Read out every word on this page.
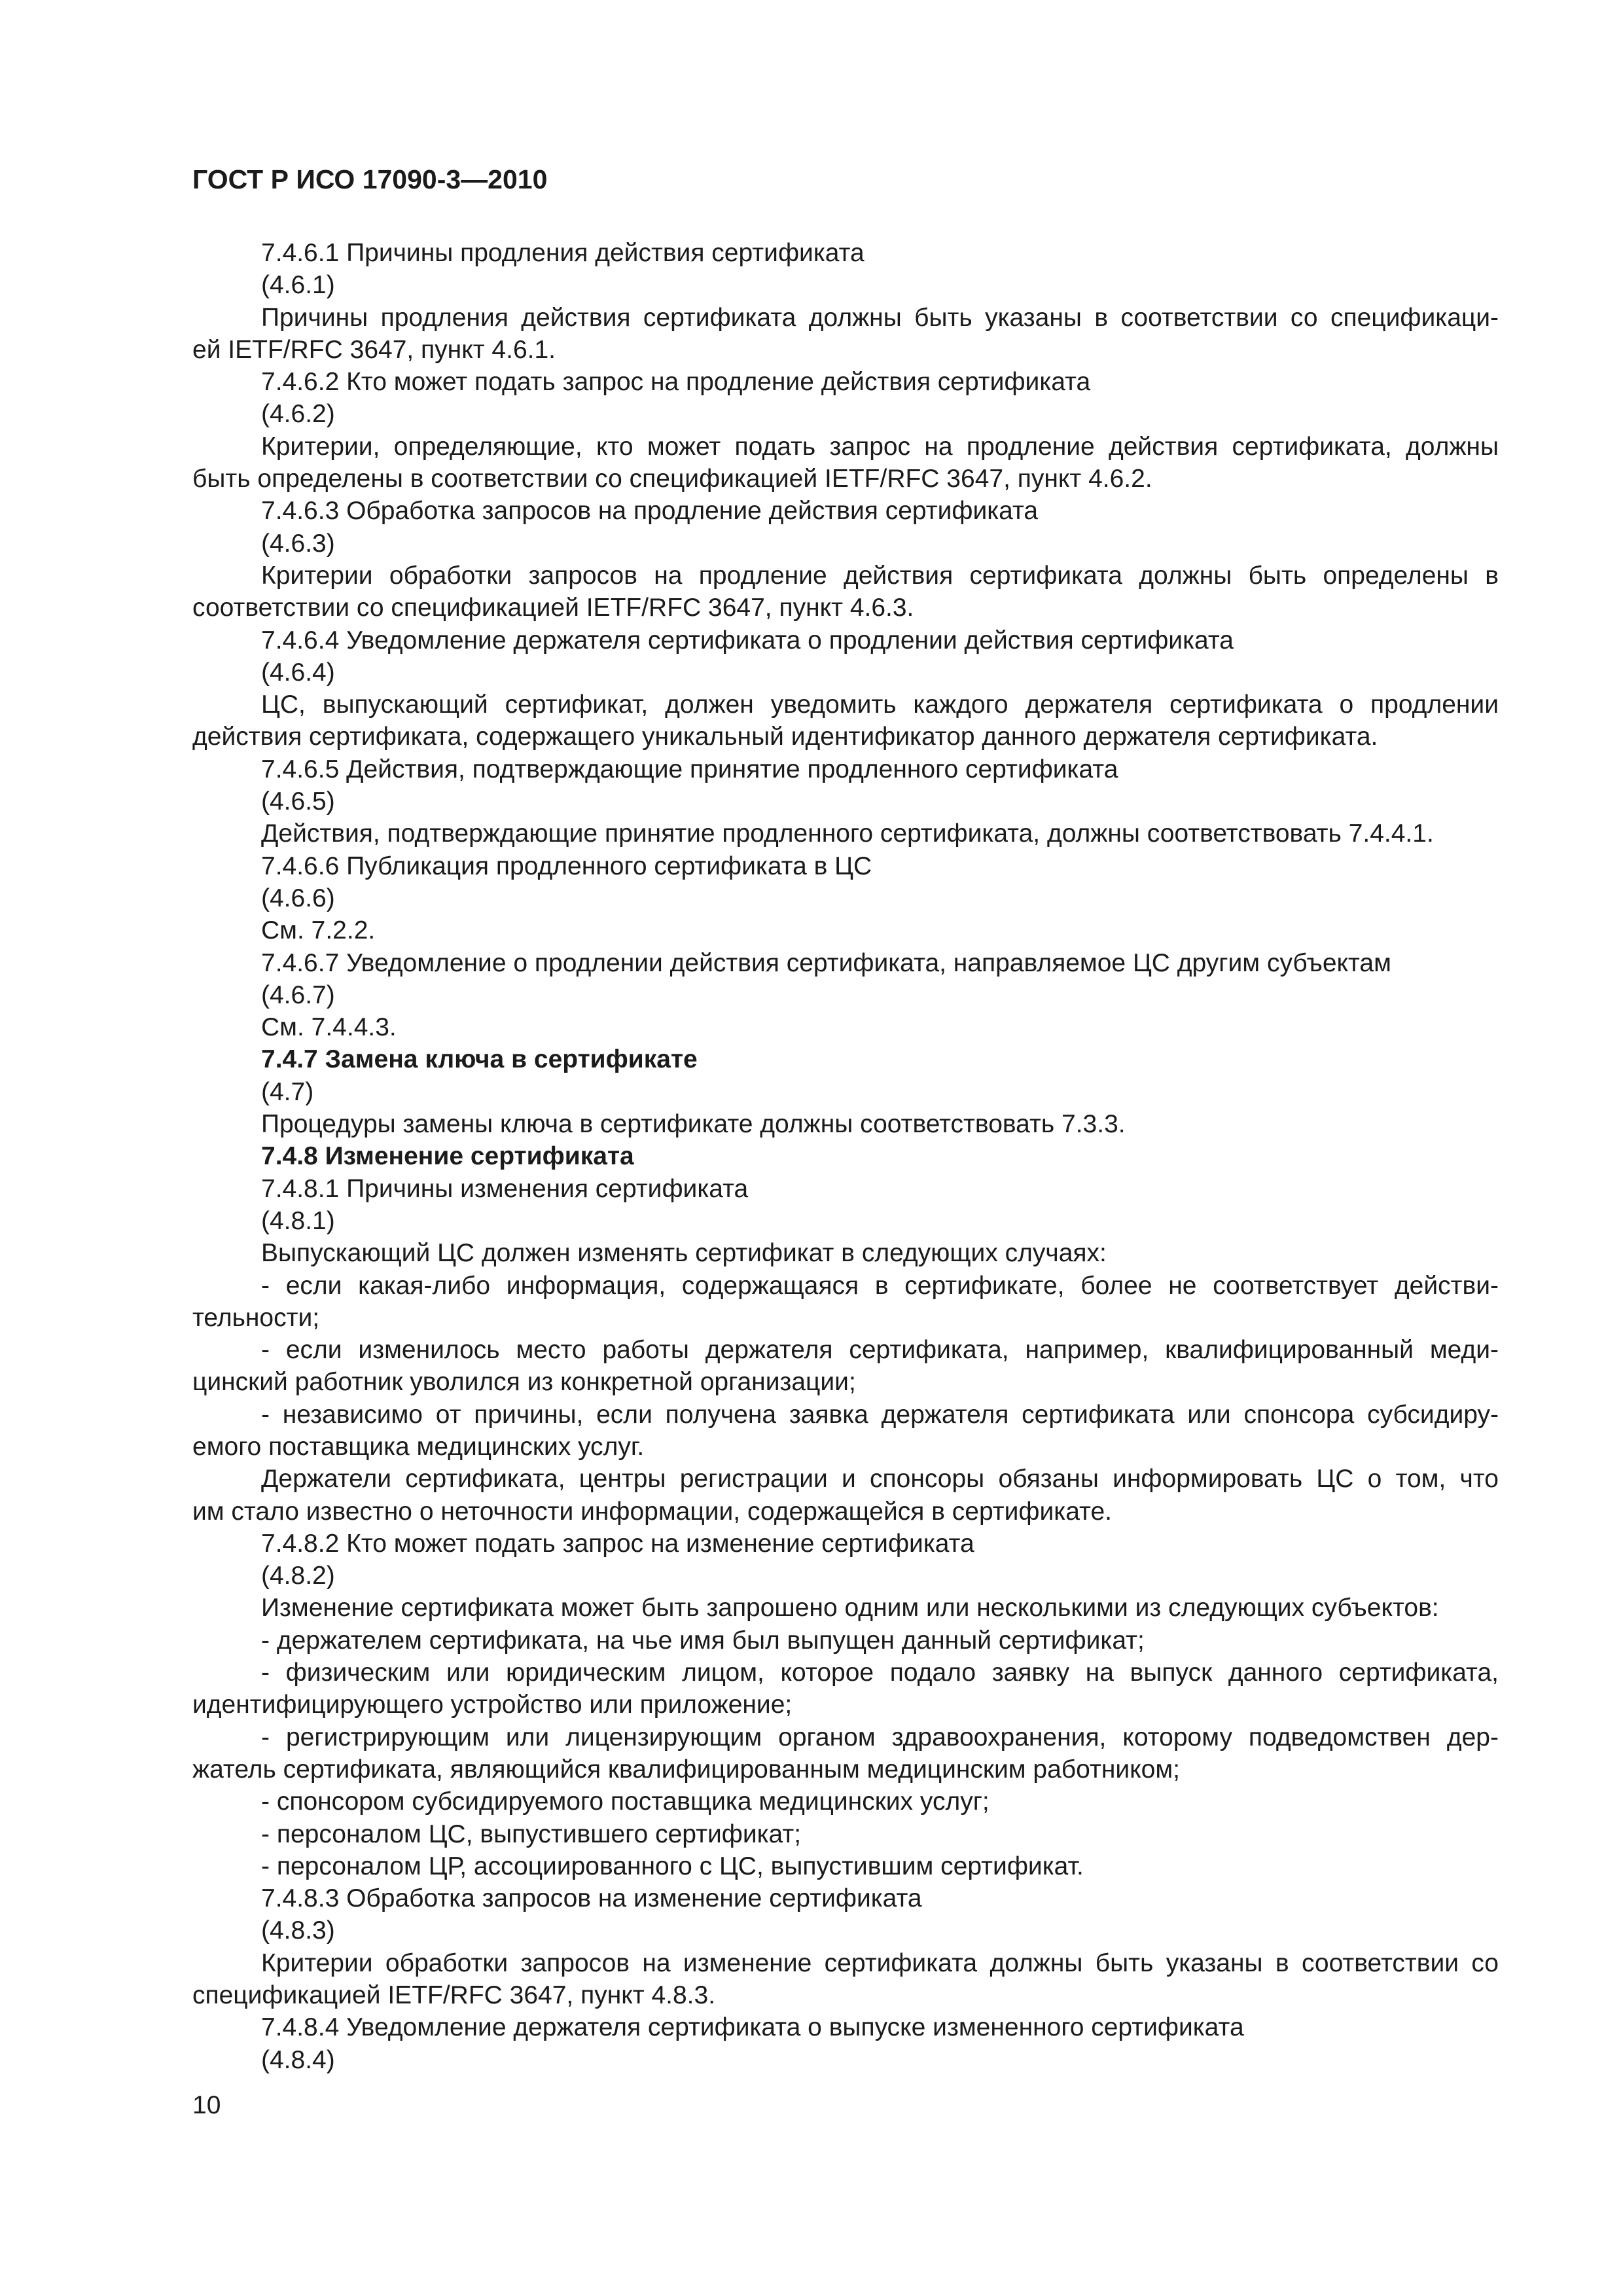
ГОСТ Р ИСО 17090-3—2010
7.4.6.1 Причины продления действия сертификата
(4.6.1)
Причины продления действия сертификата должны быть указаны в соответствии со спецификаци-
ей IETF/RFC 3647, пункт 4.6.1.
7.4.6.2 Кто может подать запрос на продление действия сертификата
(4.6.2)
Критерии, определяющие, кто может подать запрос на продление действия сертификата, должны
быть определены в соответствии со спецификацией IETF/RFC 3647, пункт 4.6.2.
7.4.6.3 Обработка запросов на продление действия сертификата
(4.6.3)
Критерии обработки запросов на продление действия сертификата должны быть определены в
соответствии со спецификацией IETF/RFC 3647, пункт 4.6.3.
7.4.6.4 Уведомление держателя сертификата о продлении действия сертификата
(4.6.4)
ЦС, выпускающий сертификат, должен уведомить каждого держателя сертификата о продлении
действия сертификата, содержащего уникальный идентификатор данного держателя сертификата.
7.4.6.5 Действия, подтверждающие принятие продленного сертификата
(4.6.5)
Действия, подтверждающие принятие продленного сертификата, должны соответствовать 7.4.4.1.
7.4.6.6 Публикация продленного сертификата в ЦС
(4.6.6)
См. 7.2.2.
7.4.6.7 Уведомление о продлении действия сертификата, направляемое ЦС другим субъектам
(4.6.7)
См. 7.4.4.3.
7.4.7 Замена ключа в сертификате
(4.7)
Процедуры замены ключа в сертификате должны соответствовать 7.3.3.
7.4.8 Изменение сертификата
7.4.8.1 Причины изменения сертификата
(4.8.1)
Выпускающий ЦС должен изменять сертификат в следующих случаях:
- если какая-либо информация, содержащаяся в сертификате, более не соответствует действи-
тельности;
- если изменилось место работы держателя сертификата, например, квалифицированный меди-
цинский работник уволился из конкретной организации;
- независимо от причины, если получена заявка держателя сертификата или спонсора субсидиру-
емого поставщика медицинских услуг.
Держатели сертификата, центры регистрации и спонсоры обязаны информировать ЦС о том, что
им стало известно о неточности информации, содержащейся в сертификате.
7.4.8.2 Кто может подать запрос на изменение сертификата
(4.8.2)
Изменение сертификата может быть запрошено одним или несколькими из следующих субъектов:
- держателем сертификата, на чье имя был выпущен данный сертификат;
- физическим или юридическим лицом, которое подало заявку на выпуск данного сертификата,
идентифицирующего устройство или приложение;
- регистрирующим или лицензирующим органом здравоохранения, которому подведомствен дер-
жатель сертификата, являющийся квалифицированным медицинским работником;
- спонсором субсидируемого поставщика медицинских услуг;
- персоналом ЦС, выпустившего сертификат;
- персоналом ЦР, ассоциированного с ЦС, выпустившим сертификат.
7.4.8.3 Обработка запросов на изменение сертификата
(4.8.3)
Критерии обработки запросов на изменение сертификата должны быть указаны в соответствии со
спецификацией IETF/RFC 3647, пункт 4.8.3.
7.4.8.4 Уведомление держателя сертификата о выпуске измененного сертификата
(4.8.4)
10
